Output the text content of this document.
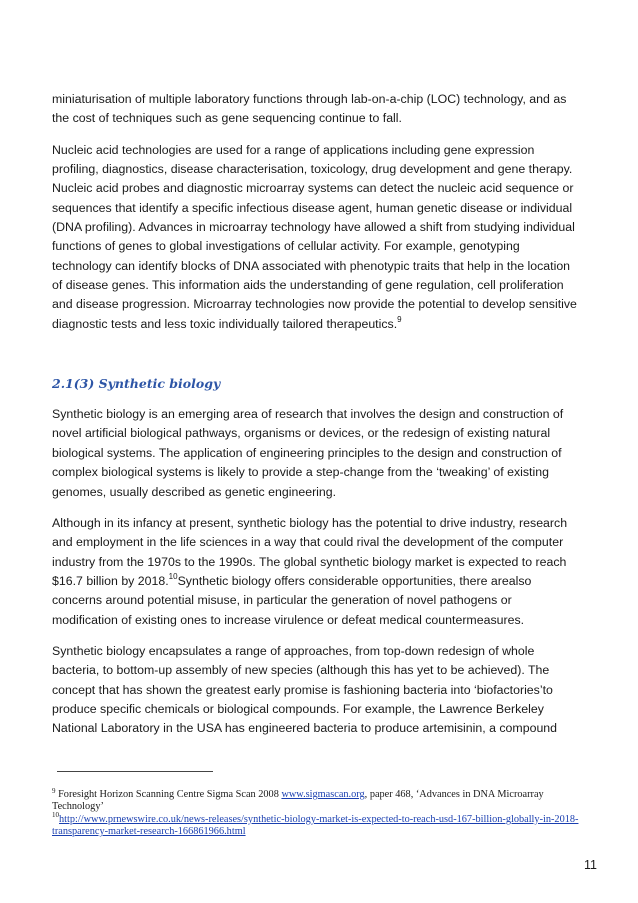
miniaturisation of multiple laboratory functions through lab-on-a-chip (LOC) technology, and as
the cost of techniques such as gene sequencing continue to fall.

Nucleic acid technologies are used for a range of applications including gene expression
profiling, diagnostics, disease characterisation, toxicology, drug development and gene therapy.
Nucleic acid probes and diagnostic microarray systems can detect the nucleic acid sequence or
sequences that identify a specific infectious disease agent, human genetic disease or individual
(DNA profiling). Advances in microarray technology have allowed a shift from studying individual
functions of genes to global investigations of cellular activity. For example, genotyping
technology can identify blocks of DNA associated with phenotypic traits that help in the location
of disease genes. This information aids the understanding of gene regulation, cell proliferation
and disease progression. Microarray technologies now provide the potential to develop sensitive
diagnostic tests and less toxic individually tailored therapeutics.$^9$

2.1(3) Synthetic biology

Synthetic biology is an emerging area of research that involves the design and construction of
novel artificial biological pathways, organisms or devices, or the redesign of existing natural
biological systems. The application of engineering principles to the design and construction of
complex biological systems is likely to provide a step-change from the ‘tweaking’ of existing
genomes, usually described as genetic engineering.

Although in its infancy at present, synthetic biology has the potential to drive industry, research
and employment in the life sciences in a way that could rival the development of the computer
industry from the 1970s to the 1990s. The global synthetic biology market is expected to reach
$16.7 billion by 2018.10Synthetic biology offers considerable opportunities, there arealso
concerns around potential misuse, in particular the generation of novel pathogens or
modification of existing ones to increase virulence or defeat medical countermeasures.

Synthetic biology encapsulates a range of approaches, from top-down redesign of whole
bacteria, to bottom-up assembly of new species (although this has yet to be achieved). The
concept that has shown the greatest early promise is fashioning bacteria into ‘biofactories’to
produce specific chemicals or biological compounds. For example, the Lawrence Berkeley
National Laboratory in the USA has engineered bacteria to produce artemisinin, a compound

$^9$ Foresight Horizon Scanning Centre Sigma Scan 2008 www.sigmascan.org, paper 468, ‘Advances in DNA Microarray
Technology’
$^{10}$http://www.prnewswire.co.uk/news-releases/synthetic-biology-market-is-expected-to-reach-usd-167-billion-globally-in-2018-
transparency-market-research-166861966.html
11
